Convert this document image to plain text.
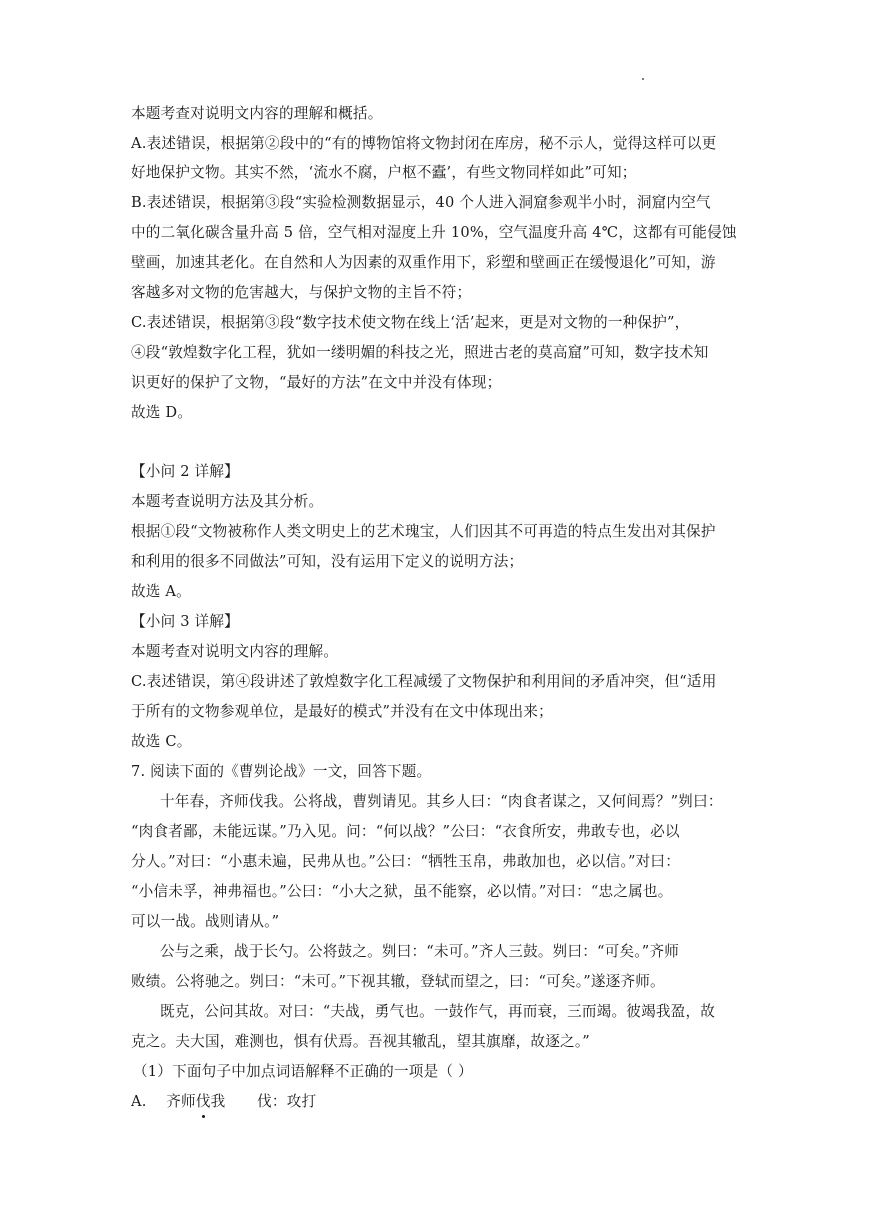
本题考查对说明文内容的理解和概括。
A.表述错误，根据第②段中的“有的博物馆将文物封闭在库房，秘不示人，觉得这样可以更
好地保护文物。其实不然，‘流水不腐，户枢不蠹’，有些文物同样如此”可知；
B.表述错误，根据第③段“实验检测数据显示，40 个人进入洞窟参观半小时，洞窟内空气
中的二氧化碳含量升高 5 倍，空气相对湿度上升 10%，空气温度升高 4℃，这都有可能侵蚀
壁画，加速其老化。在自然和人为因素的双重作用下，彩塑和壁画正在缓慢退化”可知，游
客越多对文物的危害越大，与保护文物的主旨不符；
C.表述错误，根据第③段“数字技术使文物在线上‘活’起来，更是对文物的一种保护”，
④段“敦煌数字化工程，犹如一缕明媚的科技之光，照进古老的莫高窟”可知，数字技术知
识更好的保护了文物，“最好的方法”在文中并没有体现；
故选 D。
【小问 2 详解】
本题考查说明方法及其分析。
根据①段“文物被称作人类文明史上的艺术瑰宝，人们因其不可再造的特点生发出对其保护
和利用的很多不同做法”可知，没有运用下定义的说明方法；
故选 A。
【小问 3 详解】
本题考查对说明文内容的理解。
C.表述错误，第④段讲述了敦煌数字化工程减缓了文物保护和利用间的矛盾冲突，但“适用
于所有的文物参观单位，是最好的模式”并没有在文中体现出来；
故选 C。
7. 阅读下面的《曹刿论战》一文，回答下题。
十年春，齐师伐我。公将战，曹刿请见。其乡人曰：“肉食者谋之，又何间焉？”刿曰：
“肉食者鄙，未能远谋。”乃入见。问：“何以战？”公曰：“衣食所安，弗敢专也，必以
分人。”对曰：“小惠未遍，民弗从也。”公曰：“牺牲玉帛，弗敢加也，必以信。”对曰：
“小信未孚，神弗福也。”公曰：“小大之狱，虽不能察，必以情。”对曰：“忠之属也。
可以一战。战则请从。”
公与之乘，战于长勺。公将鼓之。刿曰：“未可。”齐人三鼓。刿曰：“可矣。”齐师
败绩。公将驰之。刿曰：“未可。”下视其辙，登轼而望之，曰：“可矣。”遂逐齐师。
既克，公问其故。对曰：“夫战，勇气也。一鼓作气，再而衰，三而竭。彼竭我盈，故
克之。夫大国，难测也，惧有伏焉。吾视其辙乱，望其旗靡，故逐之。”
（1）下面句子中加点词语解释不正确的一项是（ ）
A. 齐师伐我 伐：攻打
